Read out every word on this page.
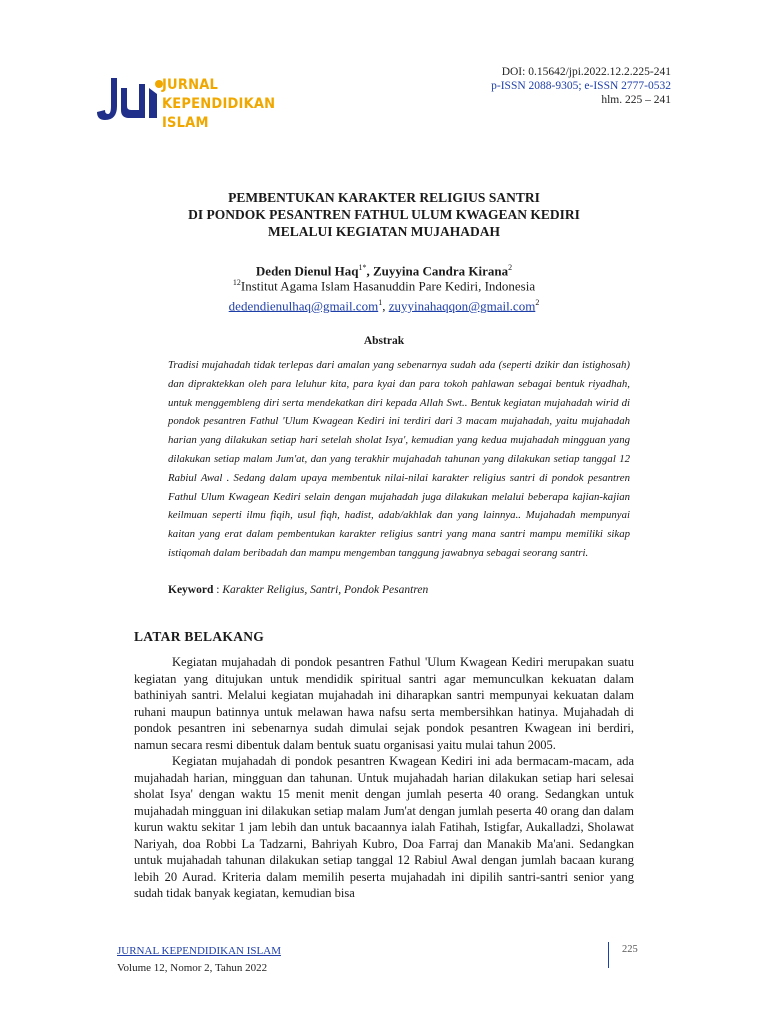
JURNAL
KEPENDIDIKAN ISLAM
DOI: 0.15642/jpi.2022.12.2.225-241
p-ISSN 2088-9305; e-ISSN 2777-0532
hlm. 225 – 241
PEMBENTUKAN KARAKTER RELIGIUS SANTRI
DI PONDOK PESANTREN FATHUL ULUM KWAGEAN KEDIRI
MELALUI KEGIATAN MUJAHADAH
Deden Dienul Haq$^{1*}$, Zuyyina Candra Kirana$^2$
$^{12}$Institut Agama Islam Hasanuddin Pare Kediri, Indonesia
dedendienulhaq@gmail.com$^1$, zuyyinahaqqon@gmail.com$^2$
Abstrak
Tradisi mujahadah tidak terlepas dari amalan yang sebenarnya sudah ada (seperti dzikir dan istighosah) dan dipraktekkan oleh para leluhur kita, para kyai dan para tokoh pahlawan sebagai bentuk riyadhah, untuk menggembleng diri serta mendekatkan diri kepada Allah Swt.. Bentuk kegiatan mujahadah wirid di pondok pesantren Fathul 'Ulum Kwagean Kediri ini terdiri dari 3 macam mujahadah, yaitu mujahadah harian yang dilakukan setiap hari setelah sholat Isya', kemudian yang kedua mujahadah mingguan yang dilakukan setiap malam Jum'at, dan yang terakhir mujahadah tahunan yang dilakukan setiap tanggal 12 Rabiul Awal . Sedang dalam upaya membentuk nilai-nilai karakter religius santri di pondok pesantren Fathul Ulum Kwagean Kediri selain dengan mujahadah juga dilakukan melalui beberapa kajian-kajian keilmuan seperti ilmu fiqih, usul fiqh, hadist, adab/akhlak dan yang lainnya.. Mujahadah mempunyai kaitan yang erat dalam pembentukan karakter religius santri yang mana santri mampu memiliki sikap istiqomah dalam beribadah dan mampu mengemban tanggung jawabnya sebagai seorang santri.
Keyword : Karakter Religius, Santri, Pondok Pesantren
LATAR BELAKANG

Kegiatan mujahadah di pondok pesantren Fathul 'Ulum Kwagean Kediri merupakan suatu kegiatan yang ditujukan untuk mendidik spiritual santri agar memunculkan kekuatan dalam bathiniyah santri. Melalui kegiatan mujahadah ini diharapkan santri mempunyai kekuatan dalam ruhani maupun batinnya untuk melawan hawa nafsu serta membersihkan hatinya. Mujahadah di pondok pesantren ini sebenarnya sudah dimulai sejak pondok pesantren Kwagean ini berdiri, namun secara resmi dibentuk dalam bentuk suatu organisasi yaitu mulai tahun 2005.

Kegiatan mujahadah di pondok pesantren Kwagean Kediri ini ada bermacam-macam, ada mujahadah harian, mingguan dan tahunan. Untuk mujahadah harian dilakukan setiap hari selesai sholat Isya' dengan waktu 15 menit menit dengan jumlah peserta 40 orang. Sedangkan untuk mujahadah mingguan ini dilakukan setiap malam Jum'at dengan jumlah peserta 40 orang dan dalam kurun waktu sekitar 1 jam lebih dan untuk bacaannya ialah Fatihah, Istigfar, Aukalladzi, Sholawat Nariyah, doa Robbi La Tadzarni, Bahriyah Kubro, Doa Farraj dan Manakib Ma'ani. Sedangkan untuk mujahadah tahunan dilakukan setiap tanggal 12 Rabiul Awal dengan jumlah bacaan kurang lebih 20 Aurad. Kriteria dalam memilih peserta mujahadah ini dipilih santri-santri senior yang sudah tidak banyak kegiatan, kemudian bisa

JURNAL KEPENDIDIKAN ISLAM
Volume 12, Nomor 2, Tahun 2022
225
